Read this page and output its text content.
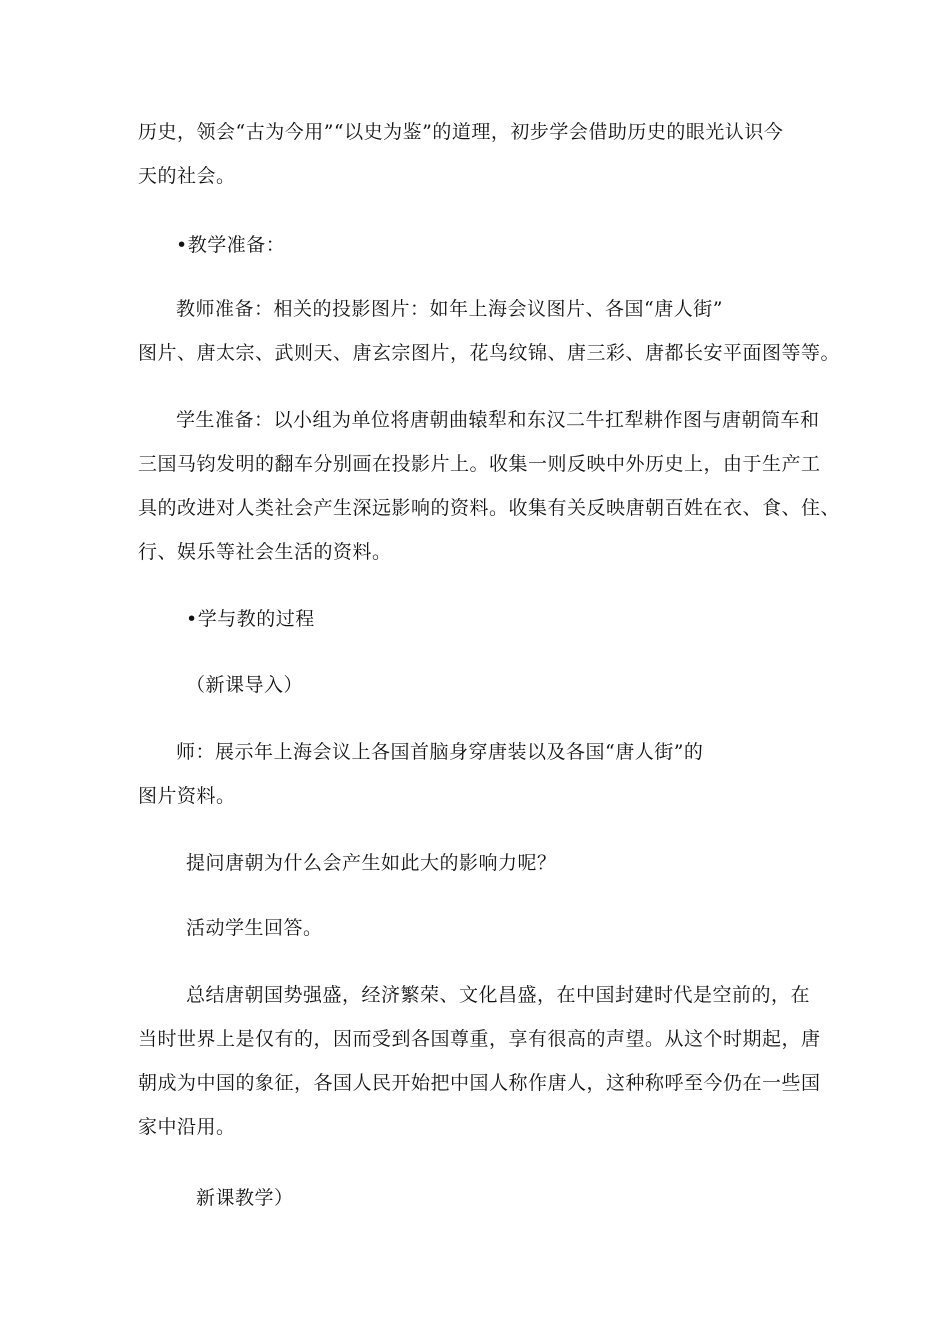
历史，领会“古为今用”“以史为鉴”的道理，初步学会借助历史的眼光认识今
天的社会。
•教学准备：
教师准备：相关的投影图片：如年上海会议图片、各国“唐人街”
图片、唐太宗、武则天、唐玄宗图片，花鸟纹锦、唐三彩、唐都长安平面图等等。
学生准备：以小组为单位将唐朝曲辕犁和东汉二牛扛犁耕作图与唐朝筒车和
三国马钧发明的翻车分别画在投影片上。收集一则反映中外历史上，由于生产工
具的改进对人类社会产生深远影响的资料。收集有关反映唐朝百姓在衣、食、住、
行、娱乐等社会生活的资料。
•学与教的过程
（新课导入）
师：展示年上海会议上各国首脑身穿唐装以及各国“唐人街”的
图片资料。
提问唐朝为什么会产生如此大的影响力呢？
活动学生回答。
总结唐朝国势强盛，经济繁荣、文化昌盛，在中国封建时代是空前的，在
当时世界上是仅有的，因而受到各国尊重，享有很高的声望。从这个时期起，唐
朝成为中国的象征，各国人民开始把中国人称作唐人，这种称呼至今仍在一些国
家中沿用。
新课教学）
